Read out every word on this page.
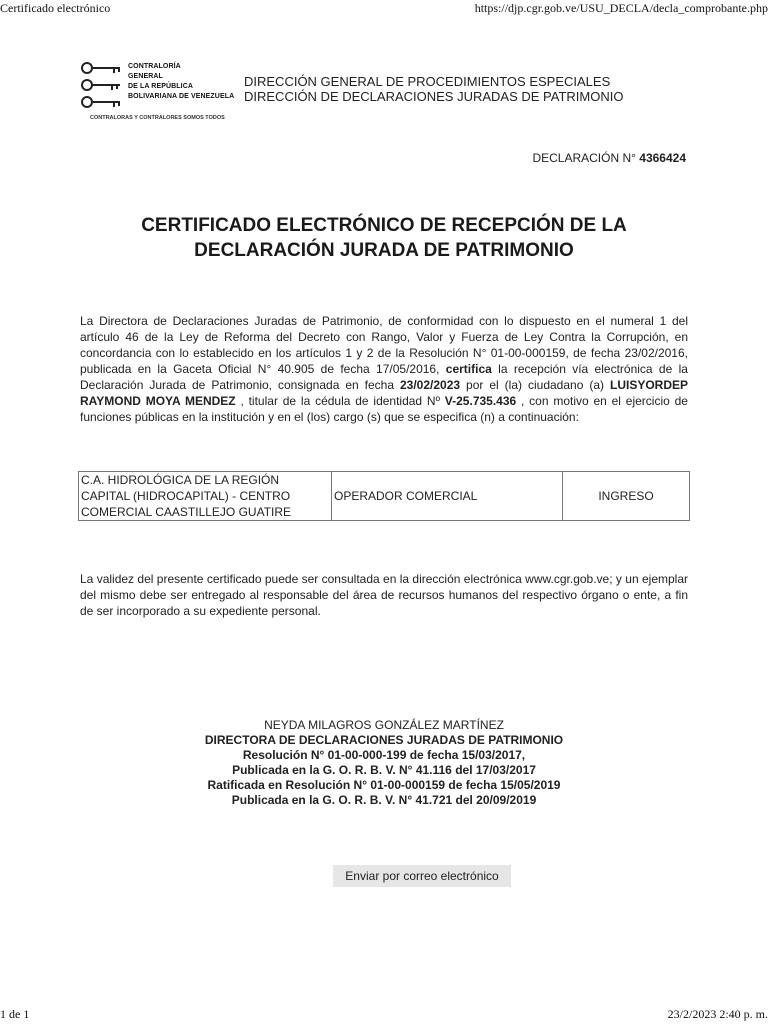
Certificado electrónico	https://djp.cgr.gob.ve/USU_DECLA/decla_comprobante.php
CONTRALORÍA
GENERAL
DE LA REPÚBLICA
BOLIVARIANA DE VENEZUELA
CONTRALORAS Y CONTRALORES SOMOS TODOS
DIRECCIÓN GENERAL DE PROCEDIMIENTOS ESPECIALES
DIRECCIÓN DE DECLARACIONES JURADAS DE PATRIMONIO
DECLARACIÓN N° 4366424
CERTIFICADO ELECTRÓNICO DE RECEPCIÓN DE LA
DECLARACIÓN JURADA DE PATRIMONIO
La Directora de Declaraciones Juradas de Patrimonio, de conformidad con lo dispuesto en el numeral 1 del artículo 46 de la Ley de Reforma del Decreto con Rango, Valor y Fuerza de Ley Contra la Corrupción, en concordancia con lo establecido en los artículos 1 y 2 de la Resolución N° 01-00-000159, de fecha 23/02/2016, publicada en la Gaceta Oficial N° 40.905 de fecha 17/05/2016, certifica la recepción vía electrónica de la Declaración Jurada de Patrimonio, consignada en fecha 23/02/2023 por el (la) ciudadano (a) LUISYORDEP RAYMOND MOYA MENDEZ , titular de la cédula de identidad Nº V-25.735.436 , con motivo en el ejercicio de funciones públicas en la institución y en el (los) cargo (s) que se especifica (n) a continuación:
C.A. HIDROLÓGICA DE LA REGIÓN CAPITAL (HIDROCAPITAL) - CENTRO COMERCIAL CAASTILLEJO GUATIRE	OPERADOR COMERCIAL	INGRESO
La validez del presente certificado puede ser consultada en la dirección electrónica www.cgr.gob.ve; y un ejemplar del mismo debe ser entregado al responsable del área de recursos humanos del respectivo órgano o ente, a fin de ser incorporado a su expediente personal.
NEYDA MILAGROS GONZÁLEZ MARTÍNEZ
DIRECTORA DE DECLARACIONES JURADAS DE PATRIMONIO
Resolución N° 01-00-000-199 de fecha 15/03/2017,
Publicada en la G. O. R. B. V. N° 41.116 del 17/03/2017
Ratificada en Resolución N° 01-00-000159 de fecha 15/05/2019
Publicada en la G. O. R. B. V. N° 41.721 del 20/09/2019
Enviar por correo electrónico
1 de 1	23/2/2023 2:40 p. m.
